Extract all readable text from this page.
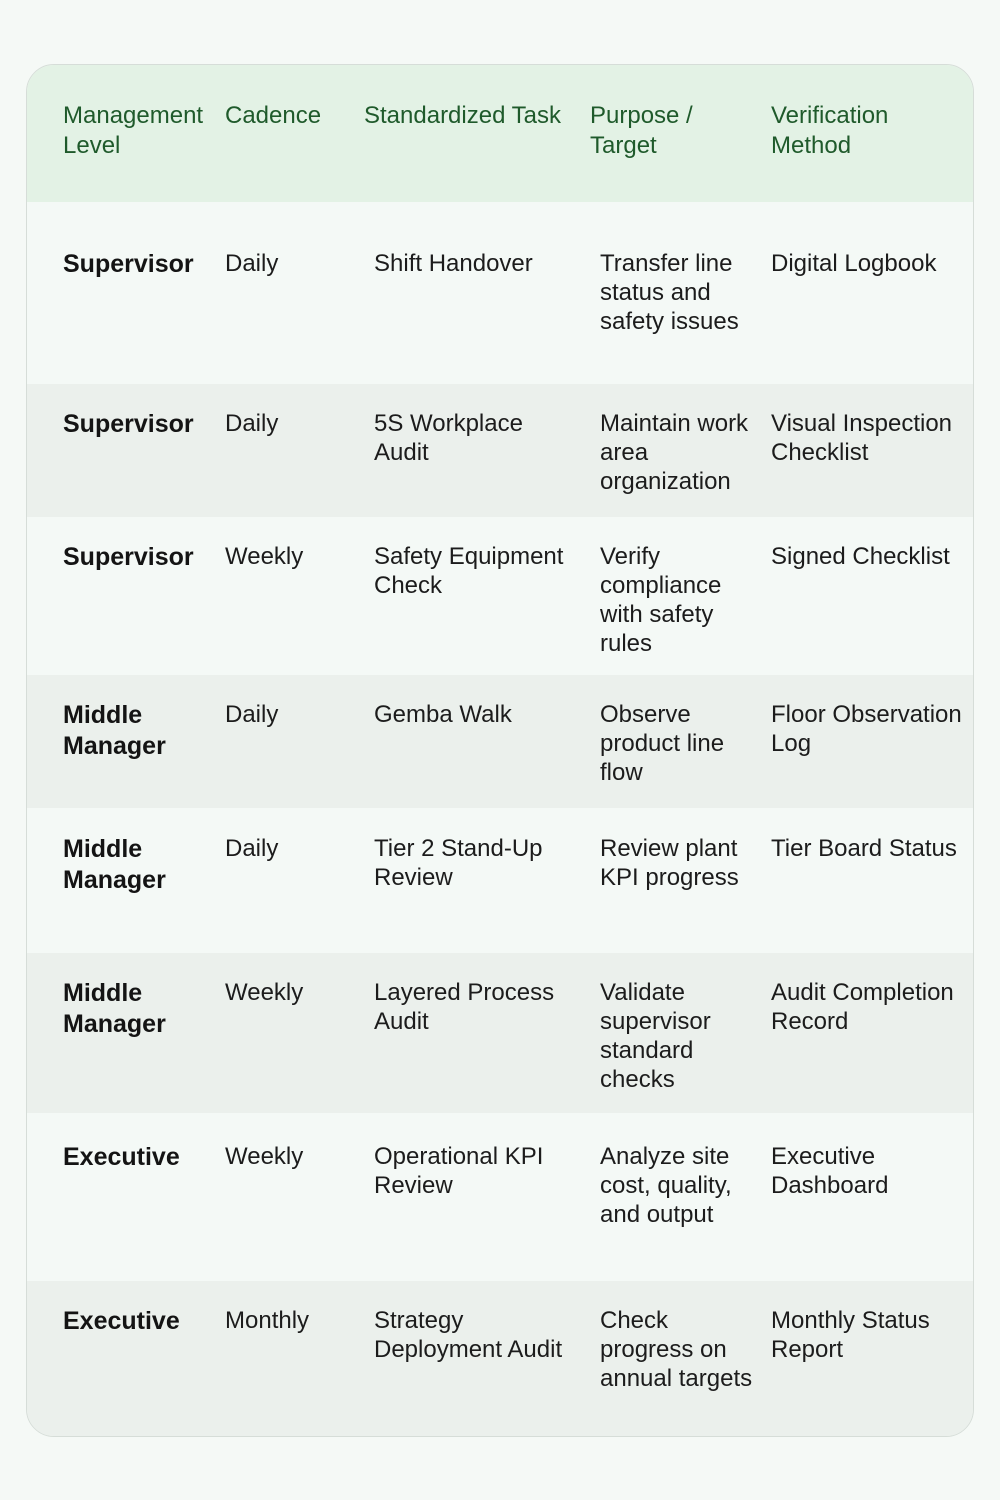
Management Level	Cadence	Standardized Task	Purpose / Target	Verification Method
Supervisor	Daily	Shift Handover	Transfer line status and safety issues	Digital Logbook
Supervisor	Daily	5S Workplace Audit	Maintain work area organization	Visual Inspection Checklist
Supervisor	Weekly	Safety Equipment Check	Verify compliance with safety rules	Signed Checklist
Middle Manager	Daily	Gemba Walk	Observe product line flow	Floor Observation Log
Middle Manager	Daily	Tier 2 Stand-Up Review	Review plant KPI progress	Tier Board Status
Middle Manager	Weekly	Layered Process Audit	Validate supervisor standard checks	Audit Completion Record
Executive	Weekly	Operational KPI Review	Analyze site cost, quality, and output	Executive Dashboard
Executive	Monthly	Strategy Deployment Audit	Check progress on annual targets	Monthly Status Report
